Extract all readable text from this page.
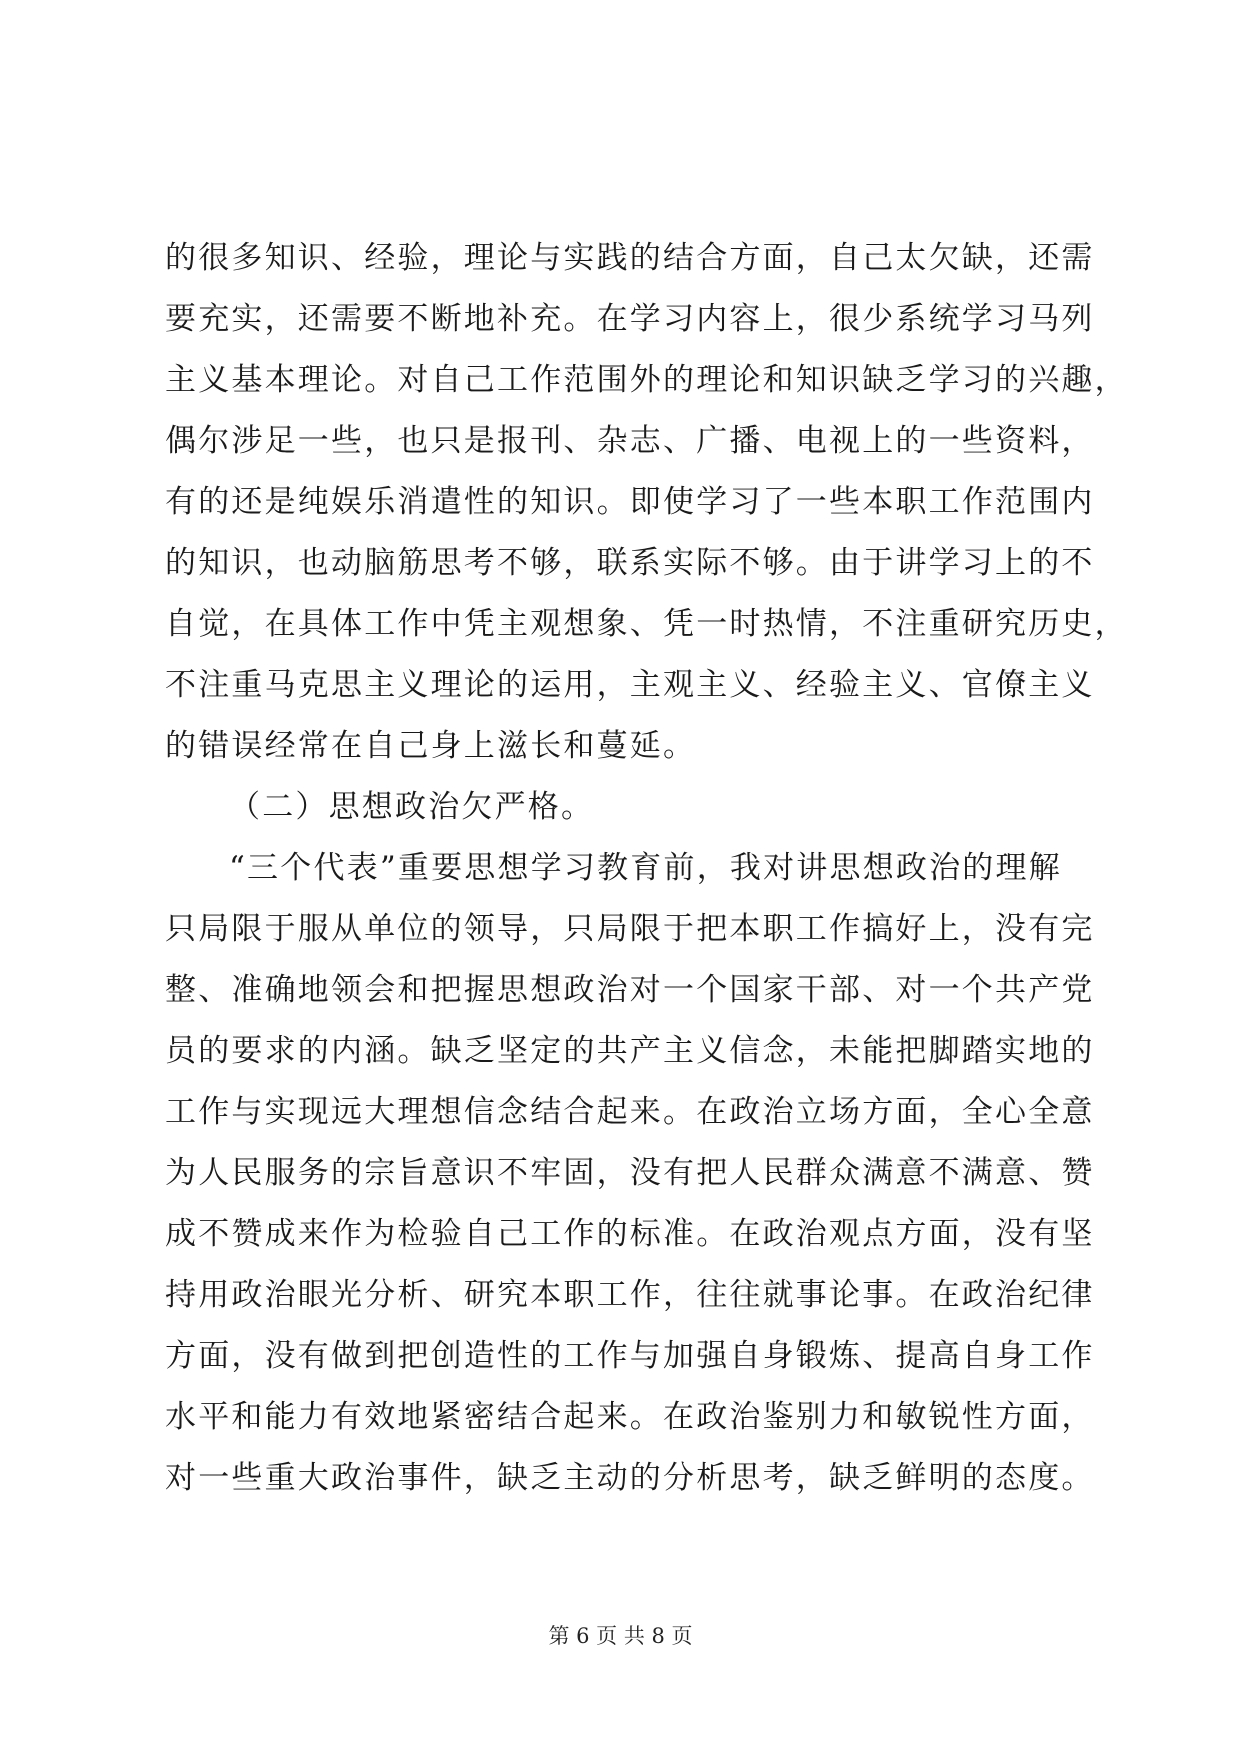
的很多知识、经验，理论与实践的结合方面，自己太欠缺，还需
要充实，还需要不断地补充。在学习内容上，很少系统学习马列
主义基本理论。对自己工作范围外的理论和知识缺乏学习的兴趣，
偶尔涉足一些，也只是报刊、杂志、广播、电视上的一些资料，
有的还是纯娱乐消遣性的知识。即使学习了一些本职工作范围内
的知识，也动脑筋思考不够，联系实际不够。由于讲学习上的不
自觉，在具体工作中凭主观想象、凭一时热情，不注重研究历史，
不注重马克思主义理论的运用，主观主义、经验主义、官僚主义
的错误经常在自己身上滋长和蔓延。
（二）思想政治欠严格。
“三个代表”重要思想学习教育前，我对讲思想政治的理解
只局限于服从单位的领导，只局限于把本职工作搞好上，没有完
整、准确地领会和把握思想政治对一个国家干部、对一个共产党
员的要求的内涵。缺乏坚定的共产主义信念，未能把脚踏实地的
工作与实现远大理想信念结合起来。在政治立场方面，全心全意
为人民服务的宗旨意识不牢固，没有把人民群众满意不满意、赞
成不赞成来作为检验自己工作的标准。在政治观点方面，没有坚
持用政治眼光分析、研究本职工作，往往就事论事。在政治纪律
方面，没有做到把创造性的工作与加强自身锻炼、提高自身工作
水平和能力有效地紧密结合起来。在政治鉴别力和敏锐性方面，
对一些重大政治事件，缺乏主动的分析思考，缺乏鲜明的态度。
第 6 页 共 8 页
